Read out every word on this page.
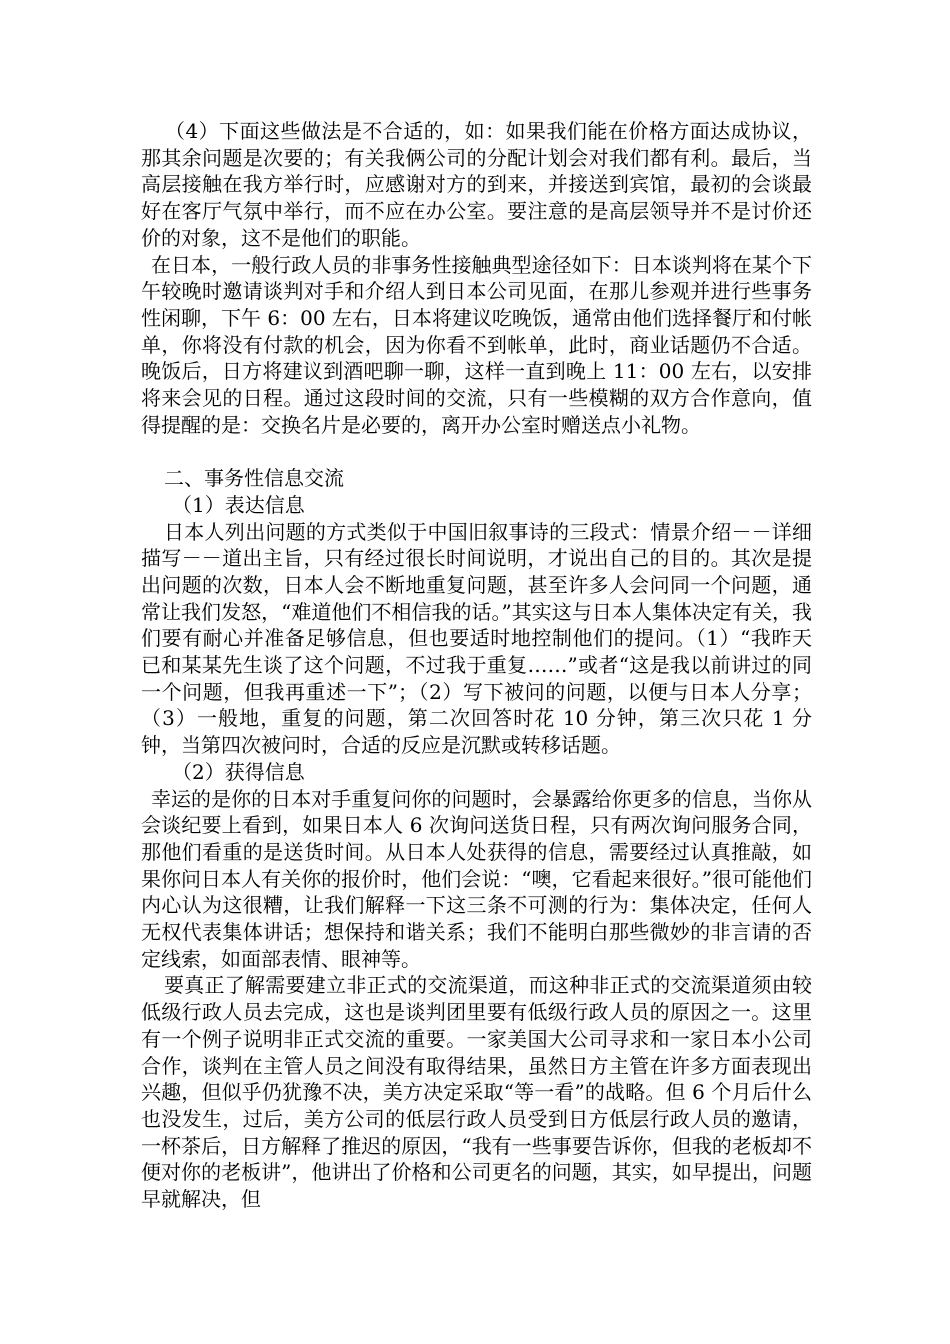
（4）下面这些做法是不合适的，如：如果我们能在价格方面达成协议，那其余问题是次要的；有关我俩公司的分配计划会对我们都有利。最后，当高层接触在我方举行时，应感谢对方的到来，并接送到宾馆，最初的会谈最好在客厅气氛中举行，而不应在办公室。要注意的是高层领导并不是讨价还价的对象，这不是他们的职能。

在日本，一般行政人员的非事务性接触典型途径如下：日本谈判将在某个下午较晚时邀请谈判对手和介绍人到日本公司见面，在那儿参观并进行些事务性闲聊，下午 6：00 左右，日本将建议吃晚饭，通常由他们选择餐厅和付帐单，你将没有付款的机会，因为你看不到帐单，此时，商业话题仍不合适。晚饭后，日方将建议到酒吧聊一聊，这样一直到晚上 11：00 左右，以安排将来会见的日程。通过这段时间的交流，只有一些模糊的双方合作意向，值得提醒的是：交换名片是必要的，离开办公室时赠送点小礼物。

二、事务性信息交流

（1）表达信息

日本人列出问题的方式类似于中国旧叙事诗的三段式：情景介绍－－详细描写－－道出主旨，只有经过很长时间说明，才说出自己的目的。其次是提出问题的次数，日本人会不断地重复问题，甚至许多人会问同一个问题，通常让我们发怒，“难道他们不相信我的话。”其实这与日本人集体决定有关，我们要有耐心并准备足够信息，但也要适时地控制他们的提问。（1）“我昨天已和某某先生谈了这个问题，不过我于重复……”或者“这是我以前讲过的同一个问题，但我再重述一下”；（2）写下被问的问题，以便与日本人分享；（3）一般地，重复的问题，第二次回答时花 10 分钟，第三次只花 1 分钟，当第四次被问时，合适的反应是沉默或转移话题。

（2）获得信息

幸运的是你的日本对手重复问你的问题时，会暴露给你更多的信息，当你从会谈纪要上看到，如果日本人 6 次询问送货日程，只有两次询问服务合同，那他们看重的是送货时间。从日本人处获得的信息，需要经过认真推敲，如果你问日本人有关你的报价时，他们会说：“噢，它看起来很好。”很可能他们内心认为这很糟，让我们解释一下这三条不可测的行为：集体决定，任何人无权代表集体讲话；想保持和谐关系；我们不能明白那些微妙的非言请的否定线索，如面部表情、眼神等。

要真正了解需要建立非正式的交流渠道，而这种非正式的交流渠道须由较低级行政人员去完成，这也是谈判团里要有低级行政人员的原因之一。这里有一个例子说明非正式交流的重要。一家美国大公司寻求和一家日本小公司合作，谈判在主管人员之间没有取得结果，虽然日方主管在许多方面表现出兴趣，但似乎仍犹豫不决，美方决定采取“等一看”的战略。但 6 个月后什么也没发生，过后，美方公司的低层行政人员受到日方低层行政人员的邀请，一杯茶后，日方解释了推迟的原因，“我有一些事要告诉你，但我的老板却不便对你的老板讲”，他讲出了价格和公司更名的问题，其实，如早提出，问题早就解决，但
